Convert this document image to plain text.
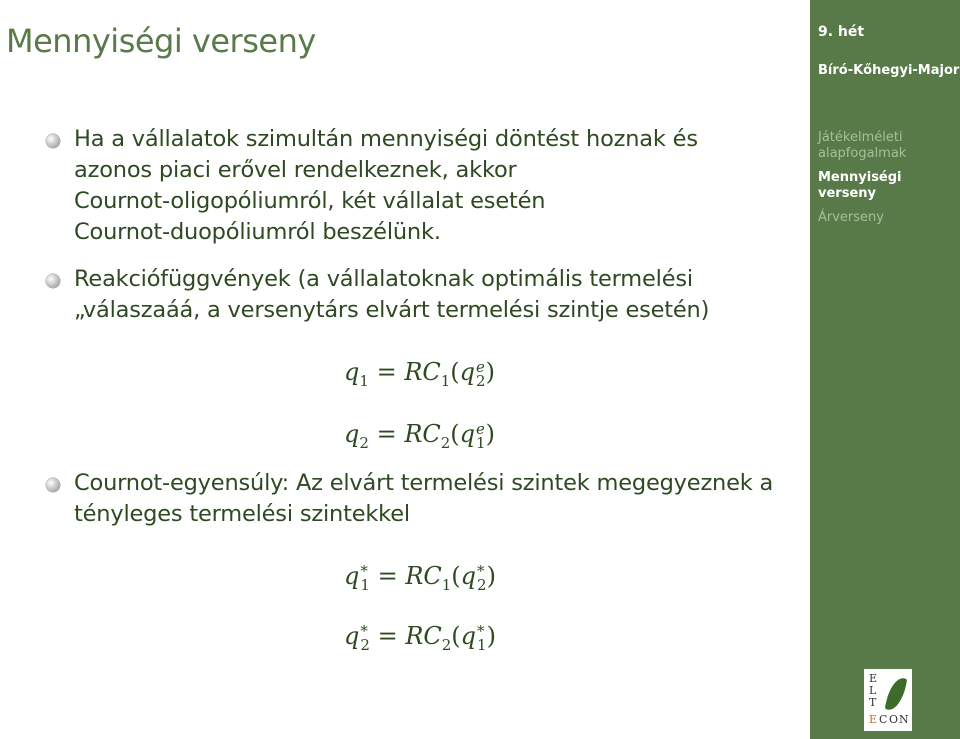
Mennyiségi verseny
Ha a vállalatok szimultán mennyiségi döntést hoznak és
azonos piaci erővel rendelkeznek, akkor
Cournot-oligopóliumról, két vállalat esetén
Cournot-duopóliumról beszélünk.
Reakciófüggvények (a vállalatoknak optimális termelési
„válaszaáá, a versenytárs elvárt termelési szintje esetén)
$q_1 = RC_1(q$ e
2 )
$q_2 = RC_2(q$ e
1 )
Cournot-egyensúly: Az elvárt termelési szintek megegyeznek a
tényleges termelési szintekkel
q *
$1 = RC_1(q$ *
2 )
q *
$2 = RC_2(q$ *
1 )
9. hét
Bíró-Kőhegyi-Major
Játékelméleti
alapfogalmak
Mennyiségi verseny
Árverseny
E
L
T
E C O N
